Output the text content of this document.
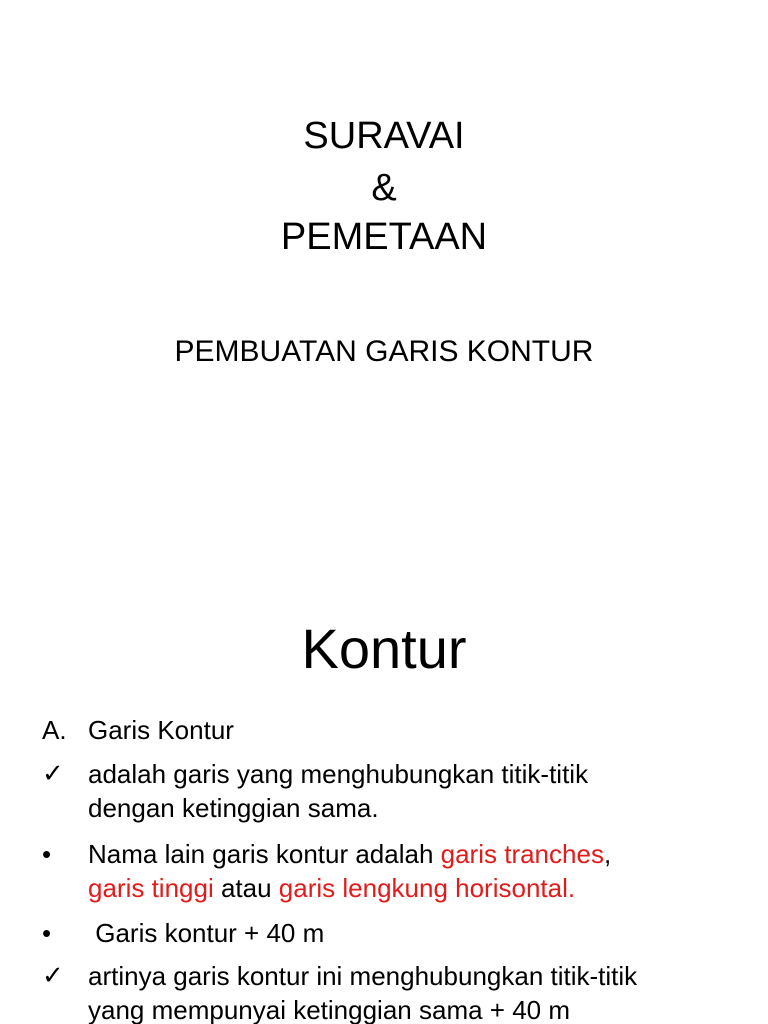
SURAVAI
&
PEMETAAN
PEMBUATAN GARIS KONTUR
Kontur
A. Garis Kontur
✓ adalah garis yang menghubungkan titik-titik
dengan ketinggian sama.
•	Nama lain garis kontur adalah garis tranches,
garis tinggi atau garis lengkung horisontal.
•	Garis kontur + 40 m
✓ artinya garis kontur ini menghubungkan titik-titik
yang mempunyai ketinggian sama + 40 m
